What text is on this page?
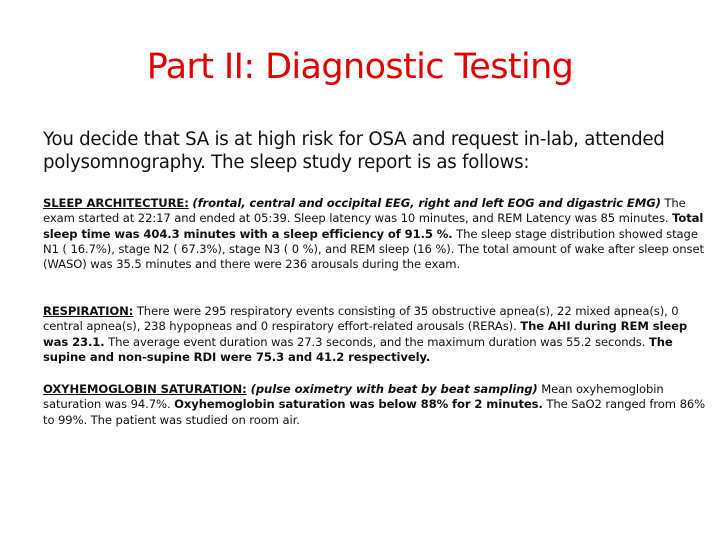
Part II: Diagnostic Testing
You decide that SA is at high risk for OSA and request in-lab, attended polysomnography. The sleep study report is as follows:
SLEEP ARCHITECTURE: (frontal, central and occipital EEG, right and left EOG and digastric EMG) The exam started at 22:17 and ended at 05:39. Sleep latency was 10 minutes, and REM Latency was 85 minutes. Total sleep time was 404.3 minutes with a sleep efficiency of 91.5 %. The sleep stage distribution showed stage N1 ( 16.7%), stage N2 ( 67.3%), stage N3 ( 0 %), and REM sleep (16 %). The total amount of wake after sleep onset (WASO) was 35.5 minutes and there were 236 arousals during the exam.
RESPIRATION: There were 295 respiratory events consisting of 35 obstructive apnea(s), 22 mixed apnea(s), 0 central apnea(s), 238 hypopneas and 0 respiratory effort-related arousals (RERAs). The AHI during REM sleep was 23.1. The average event duration was 27.3 seconds, and the maximum duration was 55.2 seconds. The supine and non-supine RDI were 75.3 and 41.2 respectively.
OXYHEMOGLOBIN SATURATION: (pulse oximetry with beat by beat sampling) Mean oxyhemoglobin saturation was 94.7%. Oxyhemoglobin saturation was below 88% for 2 minutes. The SaO2 ranged from 86% to 99%. The patient was studied on room air.
